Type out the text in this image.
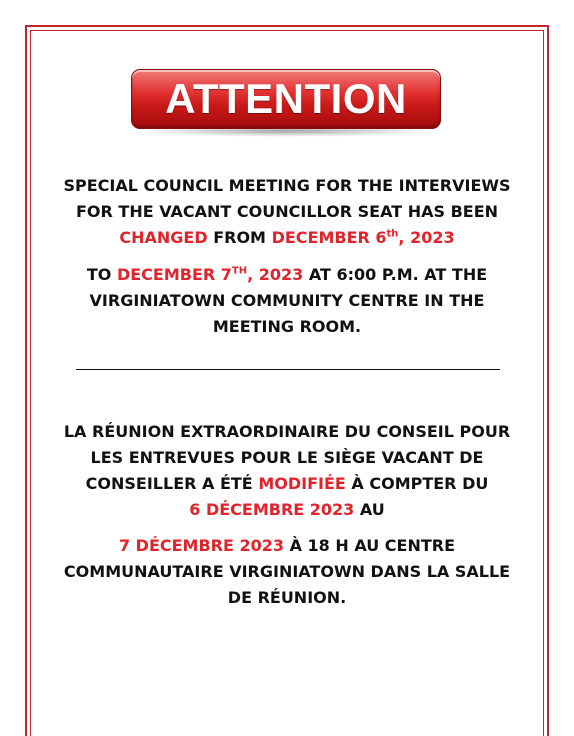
ATTENTION
SPECIAL COUNCIL MEETING FOR THE INTERVIEWS
FOR THE VACANT COUNCILLOR SEAT HAS BEEN
CHANGED FROM DECEMBER 6th, 2023
TO DECEMBER 7TH, 2023 AT 6:00 P.M. AT THE
VIRGINIATOWN COMMUNITY CENTRE IN THE
MEETING ROOM.
LA RÉUNION EXTRAORDINAIRE DU CONSEIL POUR
LES ENTREVUES POUR LE SIÈGE VACANT DE
CONSEILLER A ÉTÉ MODIFIÉE À COMPTER DU
6 DÉCEMBRE 2023 AU
7 DÉCEMBRE 2023 À 18 H AU CENTRE
COMMUNAUTAIRE VIRGINIATOWN DANS LA SALLE
DE RÉUNION.
